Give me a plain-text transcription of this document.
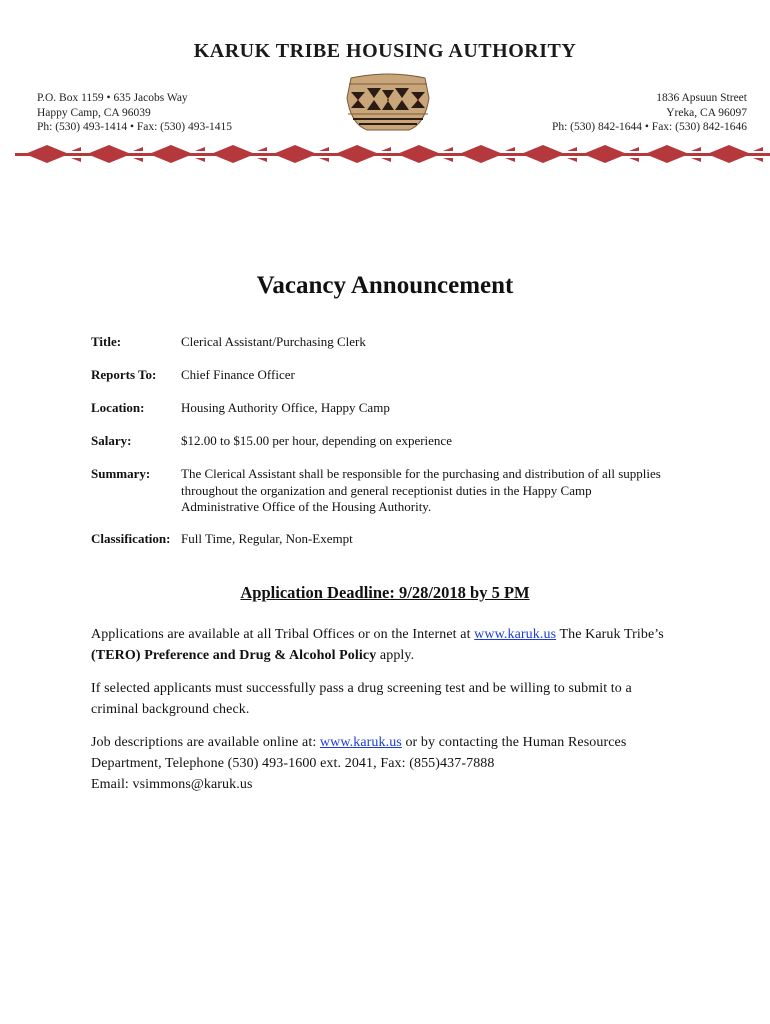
KARUK TRIBE HOUSING AUTHORITY
P.O. Box 1159 • 635 Jacobs Way
Happy Camp, CA 96039
Ph: (530) 493-1414 • Fax: (530) 493-1415
1836 Apsuun Street
Yreka, CA 96097
Ph: (530) 842-1644 • Fax: (530) 842-1646
Vacancy Announcement
Title:	Clerical Assistant/Purchasing Clerk
Reports To: Chief Finance Officer
Location:	Housing Authority Office, Happy Camp
Salary:	$12.00 to $15.00 per hour, depending on experience
Summary: The Clerical Assistant shall be responsible for the purchasing and distribution of all supplies throughout the organization and general receptionist duties in the Happy Camp Administrative Office of the Housing Authority.
Classification: Full Time, Regular, Non-Exempt
Application Deadline: 9/28/2018 by 5 PM
Applications are available at all Tribal Offices or on the Internet at www.karuk.us The Karuk Tribe’s (TERO) Preference and Drug & Alcohol Policy apply.
If selected applicants must successfully pass a drug screening test and be willing to submit to a criminal background check.
Job descriptions are available online at: www.karuk.us or by contacting the Human Resources Department, Telephone (530) 493-1600 ext. 2041, Fax: (855)437-7888
Email: vsimmons@karuk.us
